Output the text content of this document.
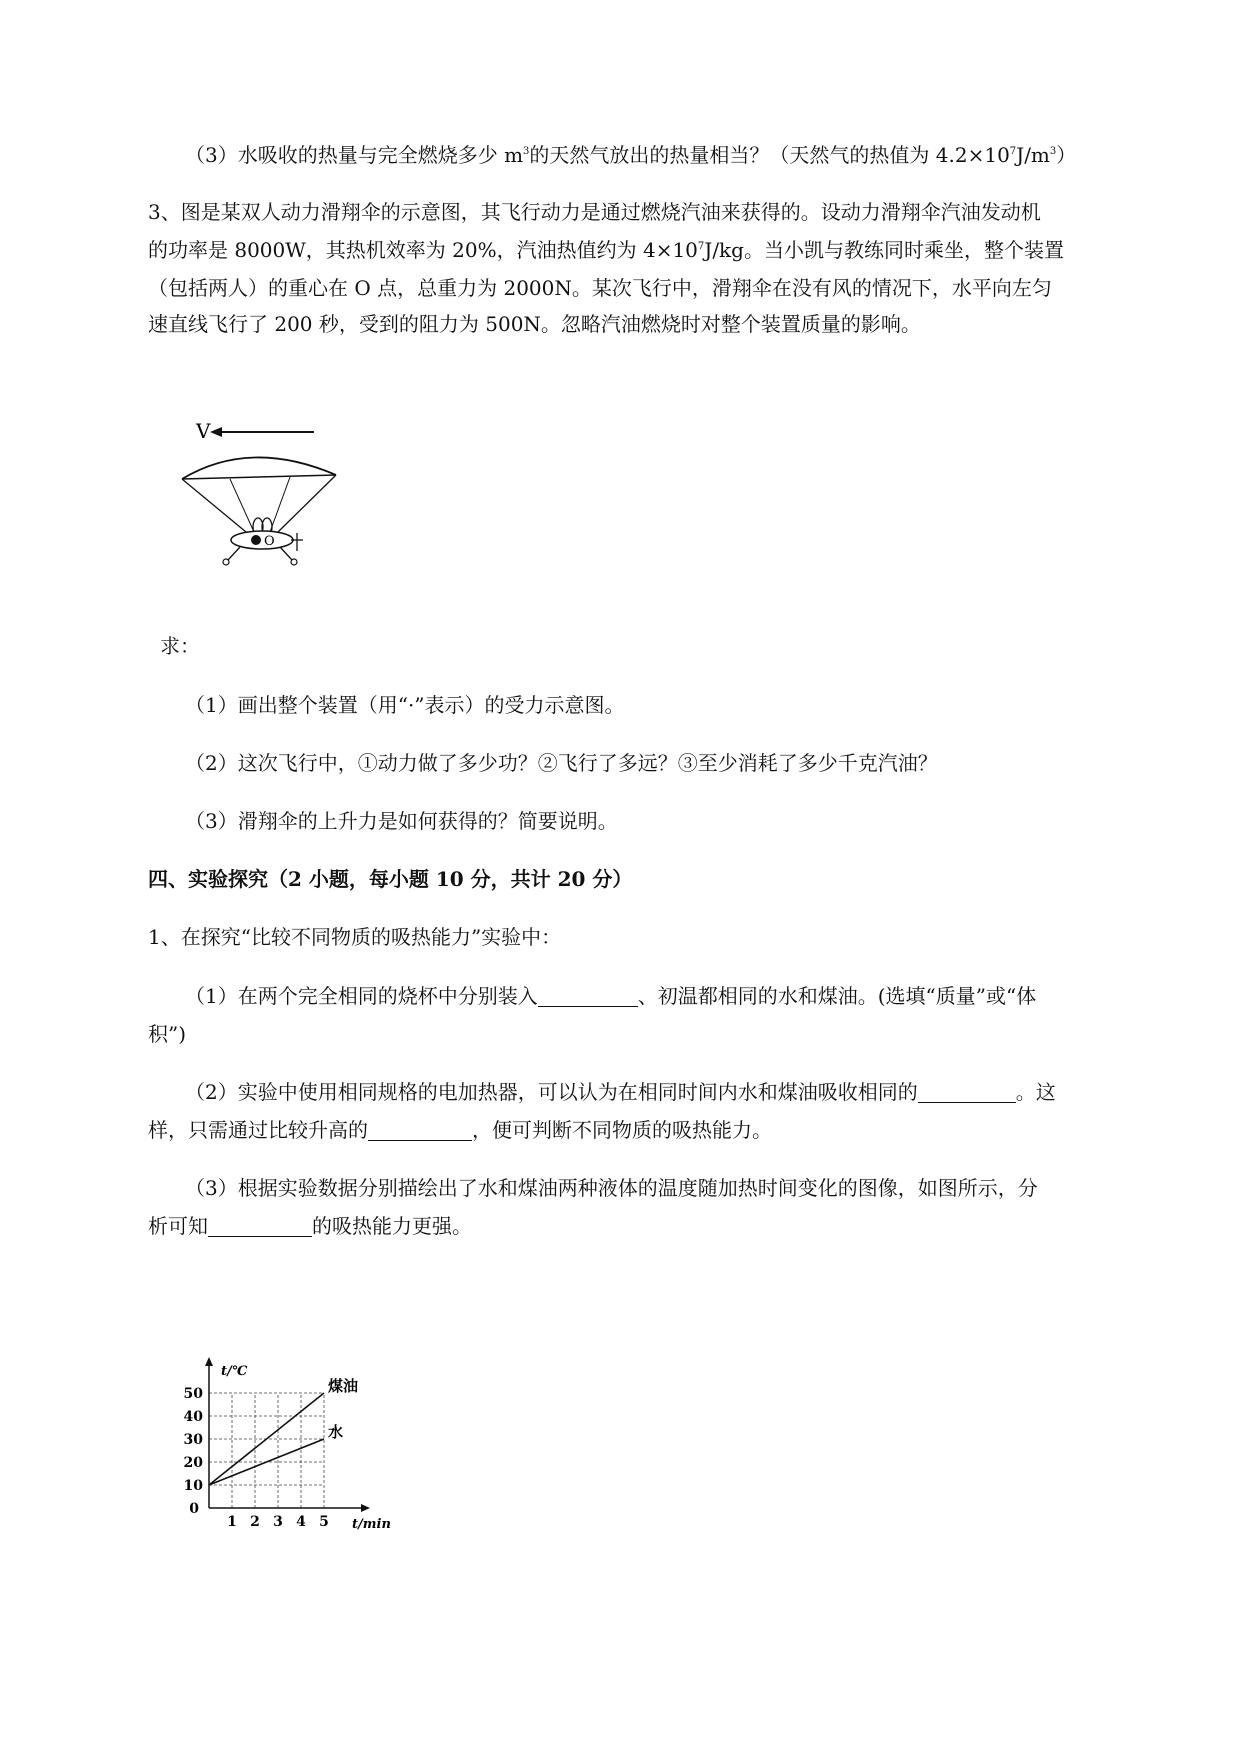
（3）水吸收的热量与完全燃烧多少 $m^3$的天然气放出的热量相当？（天然气的热值为 $4.2\times 10^7J/m^3$）
3、图是某双人动力滑翔伞的示意图，其飞行动力是通过燃烧汽油来获得的。设动力滑翔伞汽油发动机
的功率是 8000W，其热机效率为 20%，汽油热值约为 $4\times 10^7J/kg$。当小凯与教练同时乘坐，整个装置
（包括两人）的重心在 O 点，总重力为 2000N。某次飞行中，滑翔伞在没有风的情况下，水平向左匀
速直线飞行了 200 秒，受到的阻力为 500N。忽略汽油燃烧时对整个装置质量的影响。
V
O
求：
（1）画出整个装置（用“·”表示）的受力示意图。
（2）这次飞行中，①动力做了多少功？②飞行了多远？③至少消耗了多少千克汽油？
（3）滑翔伞的上升力是如何获得的？简要说明。
四、实验探究（2 小题，每小题 10 分，共计 20 分）
1、在探究“比较不同物质的吸热能力”实验中：
（1）在两个完全相同的烧杯中分别装入	、初温都相同的水和煤油。(选填“质量”或“体
积”)
（2）实验中使用相同规格的电加热器，可以认为在相同时间内水和煤油吸收相同的	。这
样，只需通过比较升高的	，便可判断不同物质的吸热能力。
（3）根据实验数据分别描绘出了水和煤油两种液体的温度随加热时间变化的图像，如图所示，分
析可知	的吸热能力更强。
1 2 3 4 5
10
20
30
40
50
0
t/min
t/℃
煤油
水
